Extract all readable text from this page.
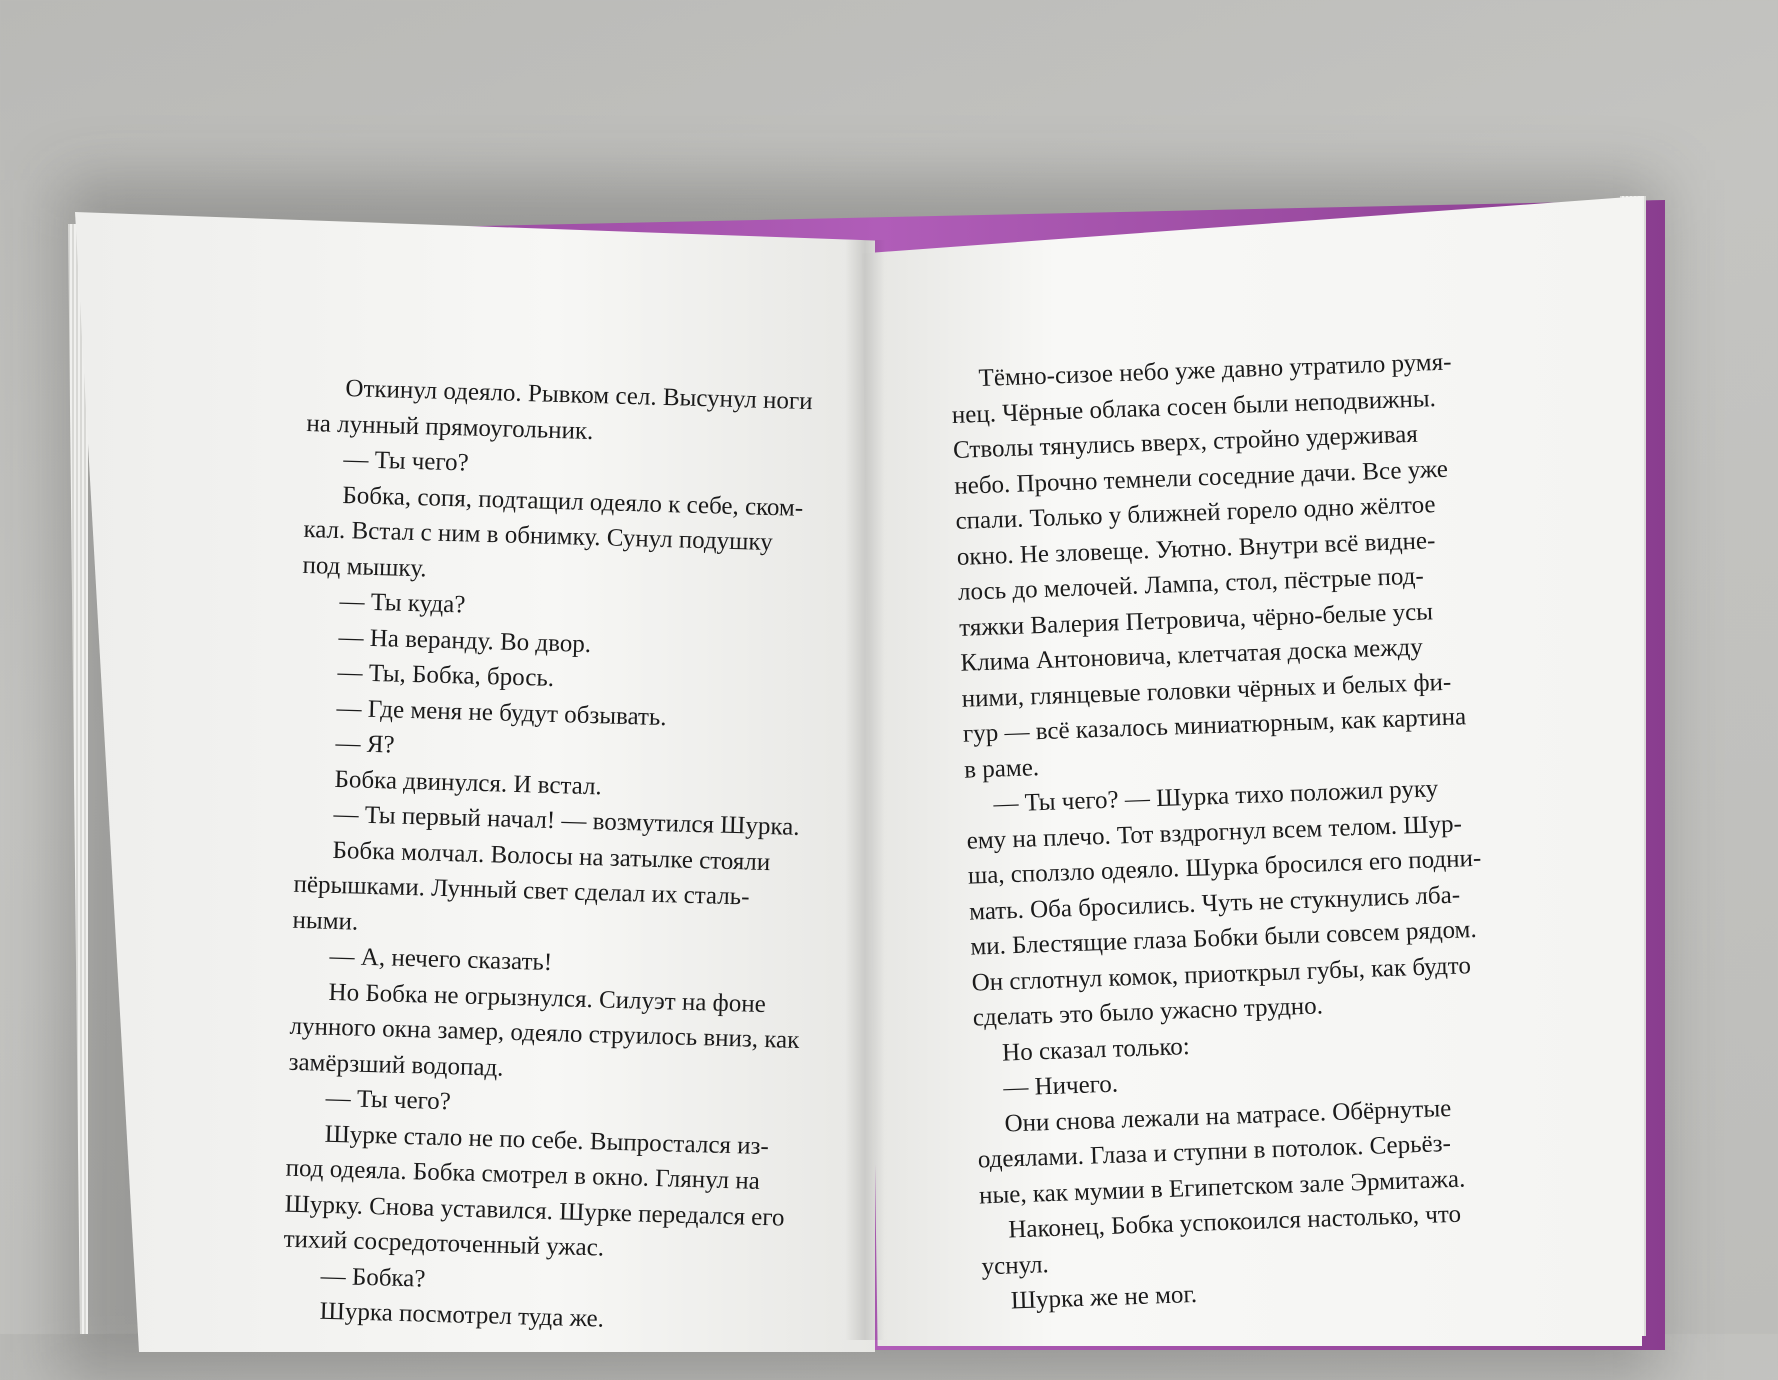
Откинул одеяло. Рывком сел. Высунул ноги
на лунный прямоугольник.
— Ты чего?
Бобка, сопя, подтащил одеяло к себе, ском-
кал. Встал с ним в обнимку. Сунул подушку
под мышку.
— Ты куда?
— На веранду. Во двор.
— Ты, Бобка, брось.
— Где меня не будут обзывать.
— Я?
Бобка двинулся. И встал.
— Ты первый начал! — возмутился Шурка.
Бобка молчал. Волосы на затылке стояли
пёрышками. Лунный свет сделал их сталь-
ными.
— А, нечего сказать!
Но Бобка не огрызнулся. Силуэт на фоне
лунного окна замер, одеяло струилось вниз, как
замёрзший водопад.
— Ты чего?
Шурке стало не по себе. Выпростался из-
под одеяла. Бобка смотрел в окно. Глянул на
Шурку. Снова уставился. Шурке передался его
тихий сосредоточенный ужас.
— Бобка?
Шурка посмотрел туда же.
Тёмно-сизое небо уже давно утратило румя-
нец. Чёрные облака сосен были неподвижны.
Стволы тянулись вверх, стройно удерживая
небо. Прочно темнели соседние дачи. Все уже
спали. Только у ближней горело одно жёлтое
окно. Не зловеще. Уютно. Внутри всё видне-
лось до мелочей. Лампа, стол, пёстрые под-
тяжки Валерия Петровича, чёрно-белые усы
Клима Антоновича, клетчатая доска между
ними, глянцевые головки чёрных и белых фи-
гур — всё казалось миниатюрным, как картина
в раме.
— Ты чего? — Шурка тихо положил руку
ему на плечо. Тот вздрогнул всем телом. Шур-
ша, сползло одеяло. Шурка бросился его подни-
мать. Оба бросились. Чуть не стукнулись лба-
ми. Блестящие глаза Бобки были совсем рядом.
Он сглотнул комок, приоткрыл губы, как будто
сделать это было ужасно трудно.
Но сказал только:
— Ничего.
Они снова лежали на матрасе. Обёрнутые
одеялами. Глаза и ступни в потолок. Серьёз-
ные, как мумии в Египетском зале Эрмитажа.
Наконец, Бобка успокоился настолько, что
уснул.
Шурка же не мог.
